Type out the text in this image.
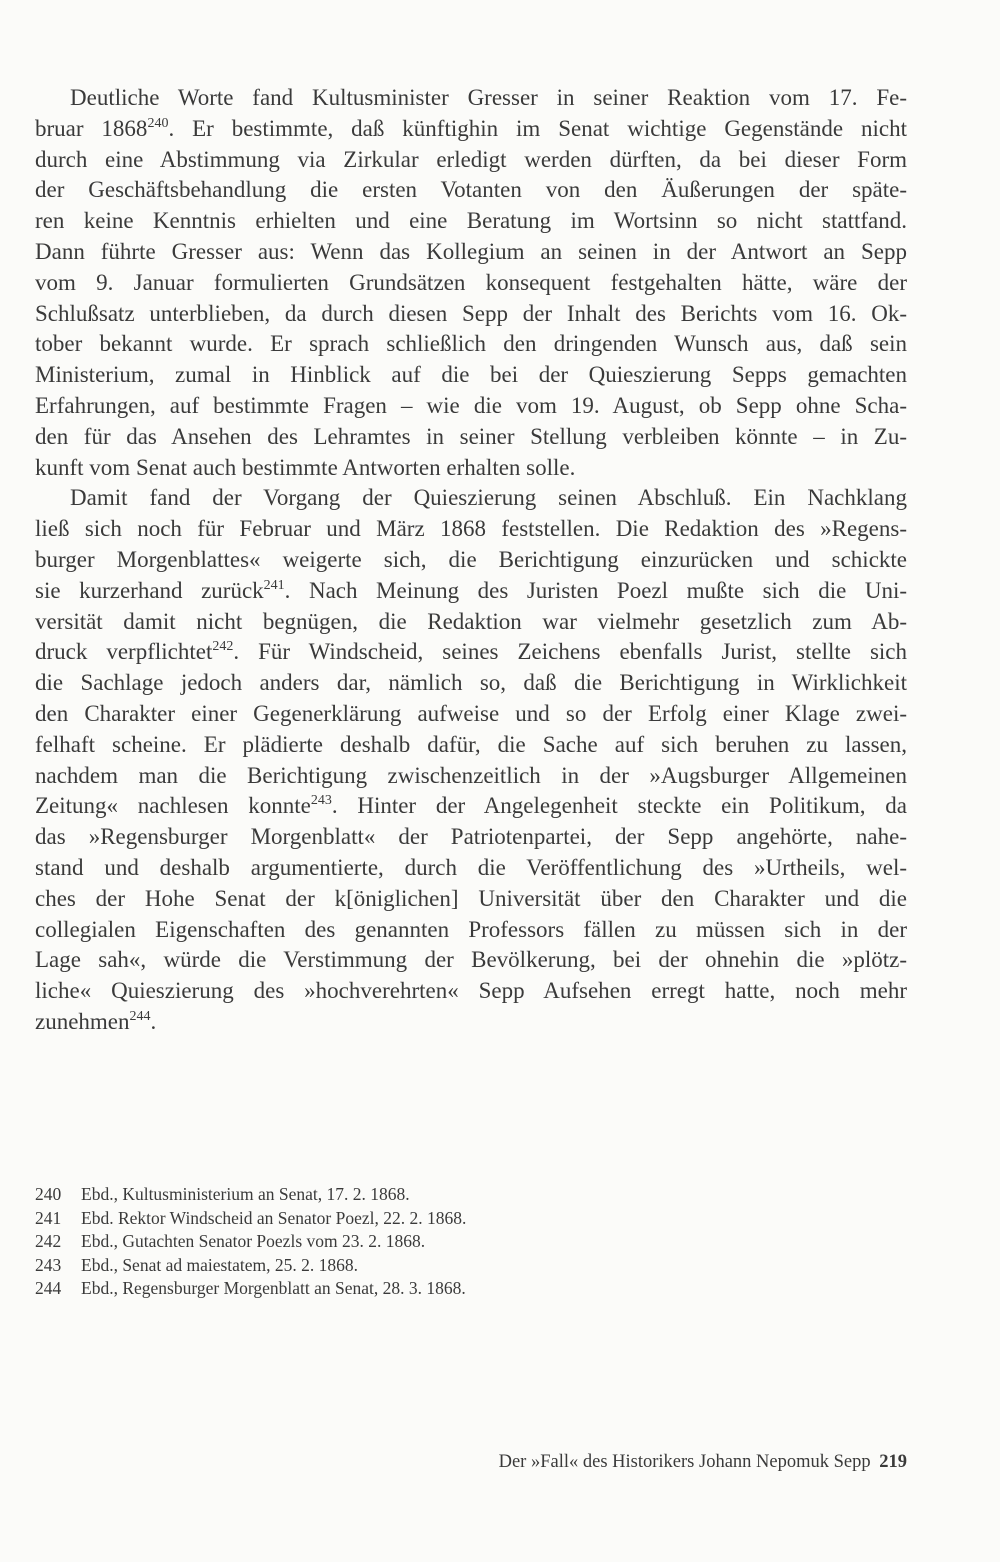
Deutliche Worte fand Kultusminister Gresser in seiner Reaktion vom 17. Fe-
bruar 1868$^{240}$. Er bestimmte, daß künftighin im Senat wichtige Gegenstände nicht
durch eine Abstimmung via Zirkular erledigt werden dürften, da bei dieser Form
der Geschäftsbehandlung die ersten Votanten von den Äußerungen der späte-
ren keine Kenntnis erhielten und eine Beratung im Wortsinn so nicht stattfand.
Dann führte Gresser aus: Wenn das Kollegium an seinen in der Antwort an Sepp
vom 9. Januar formulierten Grundsätzen konsequent festgehalten hätte, wäre der
Schlußsatz unterblieben, da durch diesen Sepp der Inhalt des Berichts vom 16. Ok-
tober bekannt wurde. Er sprach schließlich den dringenden Wunsch aus, daß sein
Ministerium, zumal in Hinblick auf die bei der Quieszierung Sepps gemachten
Erfahrungen, auf bestimmte Fragen – wie die vom 19. August, ob Sepp ohne Scha-
den für das Ansehen des Lehramtes in seiner Stellung verbleiben könnte – in Zu-
kunft vom Senat auch bestimmte Antworten erhalten solle.
Damit fand der Vorgang der Quieszierung seinen Abschluß. Ein Nachklang
ließ sich noch für Februar und März 1868 feststellen. Die Redaktion des »Regens-
burger Morgenblattes« weigerte sich, die Berichtigung einzurücken und schickte
sie kurzerhand zurück$^{241}$. Nach Meinung des Juristen Poezl mußte sich die Uni-
versität damit nicht begnügen, die Redaktion war vielmehr gesetzlich zum Ab-
druck verpflichtet$^{242}$. Für Windscheid, seines Zeichens ebenfalls Jurist, stellte sich
die Sachlage jedoch anders dar, nämlich so, daß die Berichtigung in Wirklichkeit
den Charakter einer Gegenerklärung aufweise und so der Erfolg einer Klage zwei-
felhaft scheine. Er plädierte deshalb dafür, die Sache auf sich beruhen zu lassen,
nachdem man die Berichtigung zwischenzeitlich in der »Augsburger Allgemeinen
Zeitung« nachlesen konnte$^{243}$. Hinter der Angelegenheit steckte ein Politikum, da
das »Regensburger Morgenblatt« der Patriotenpartei, der Sepp angehörte, nahe-
stand und deshalb argumentierte, durch die Veröffentlichung des »Urtheils, wel-
ches der Hohe Senat der k[öniglichen] Universität über den Charakter und die
collegialen Eigenschaften des genannten Professors fällen zu müssen sich in der
Lage sah«, würde die Verstimmung der Bevölkerung, bei der ohnehin die »plötz-
liche« Quieszierung des »hochverehrten« Sepp Aufsehen erregt hatte, noch mehr
zunehmen$^{244}$.
240	Ebd., Kultusministerium an Senat, 17. 2. 1868.
241	Ebd. Rektor Windscheid an Senator Poezl, 22. 2. 1868.
242	Ebd., Gutachten Senator Poezls vom 23. 2. 1868.
243	Ebd., Senat ad maiestatem, 25. 2. 1868.
244	Ebd., Regensburger Morgenblatt an Senat, 28. 3. 1868.
Der »Fall« des Historikers Johann Nepomuk Sepp 219
